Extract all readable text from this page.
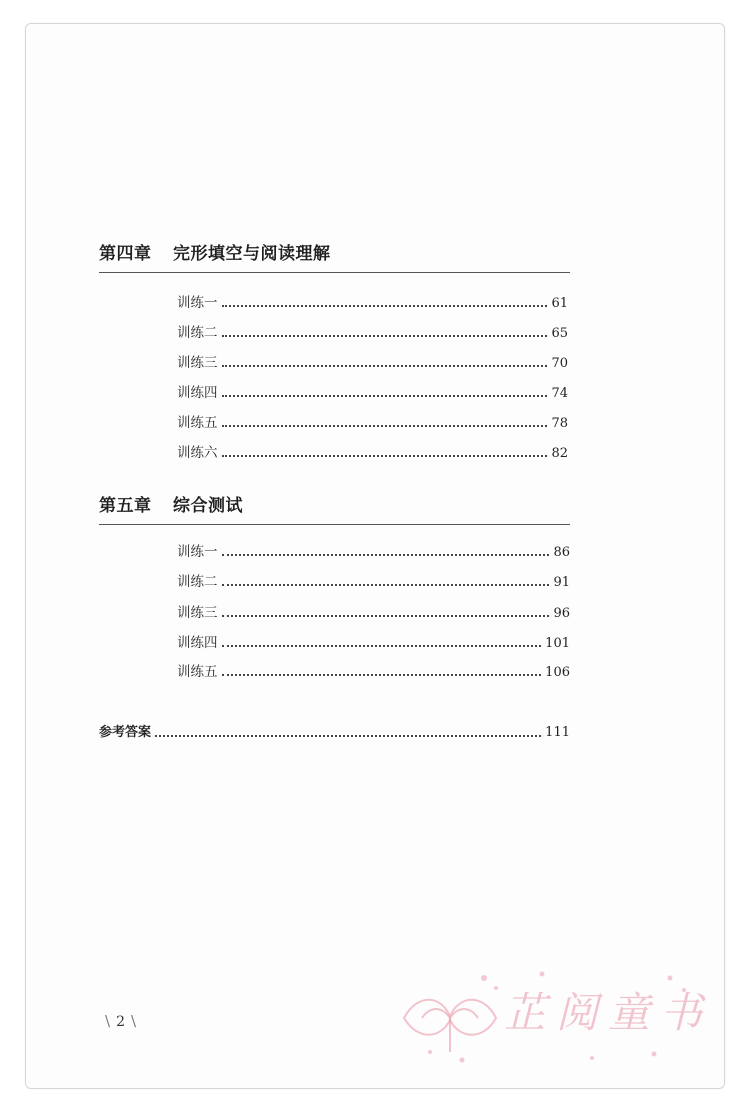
第四章 完形填空与阅读理解
训练一	61
训练二	65
训练三	70
训练四	74
训练五	78
训练六	82
第五章 综合测试
训练一	86
训练二	91
训练三	96
训练四	101
训练五	106
参考答案	111
\ 2 \	芷阅童书
